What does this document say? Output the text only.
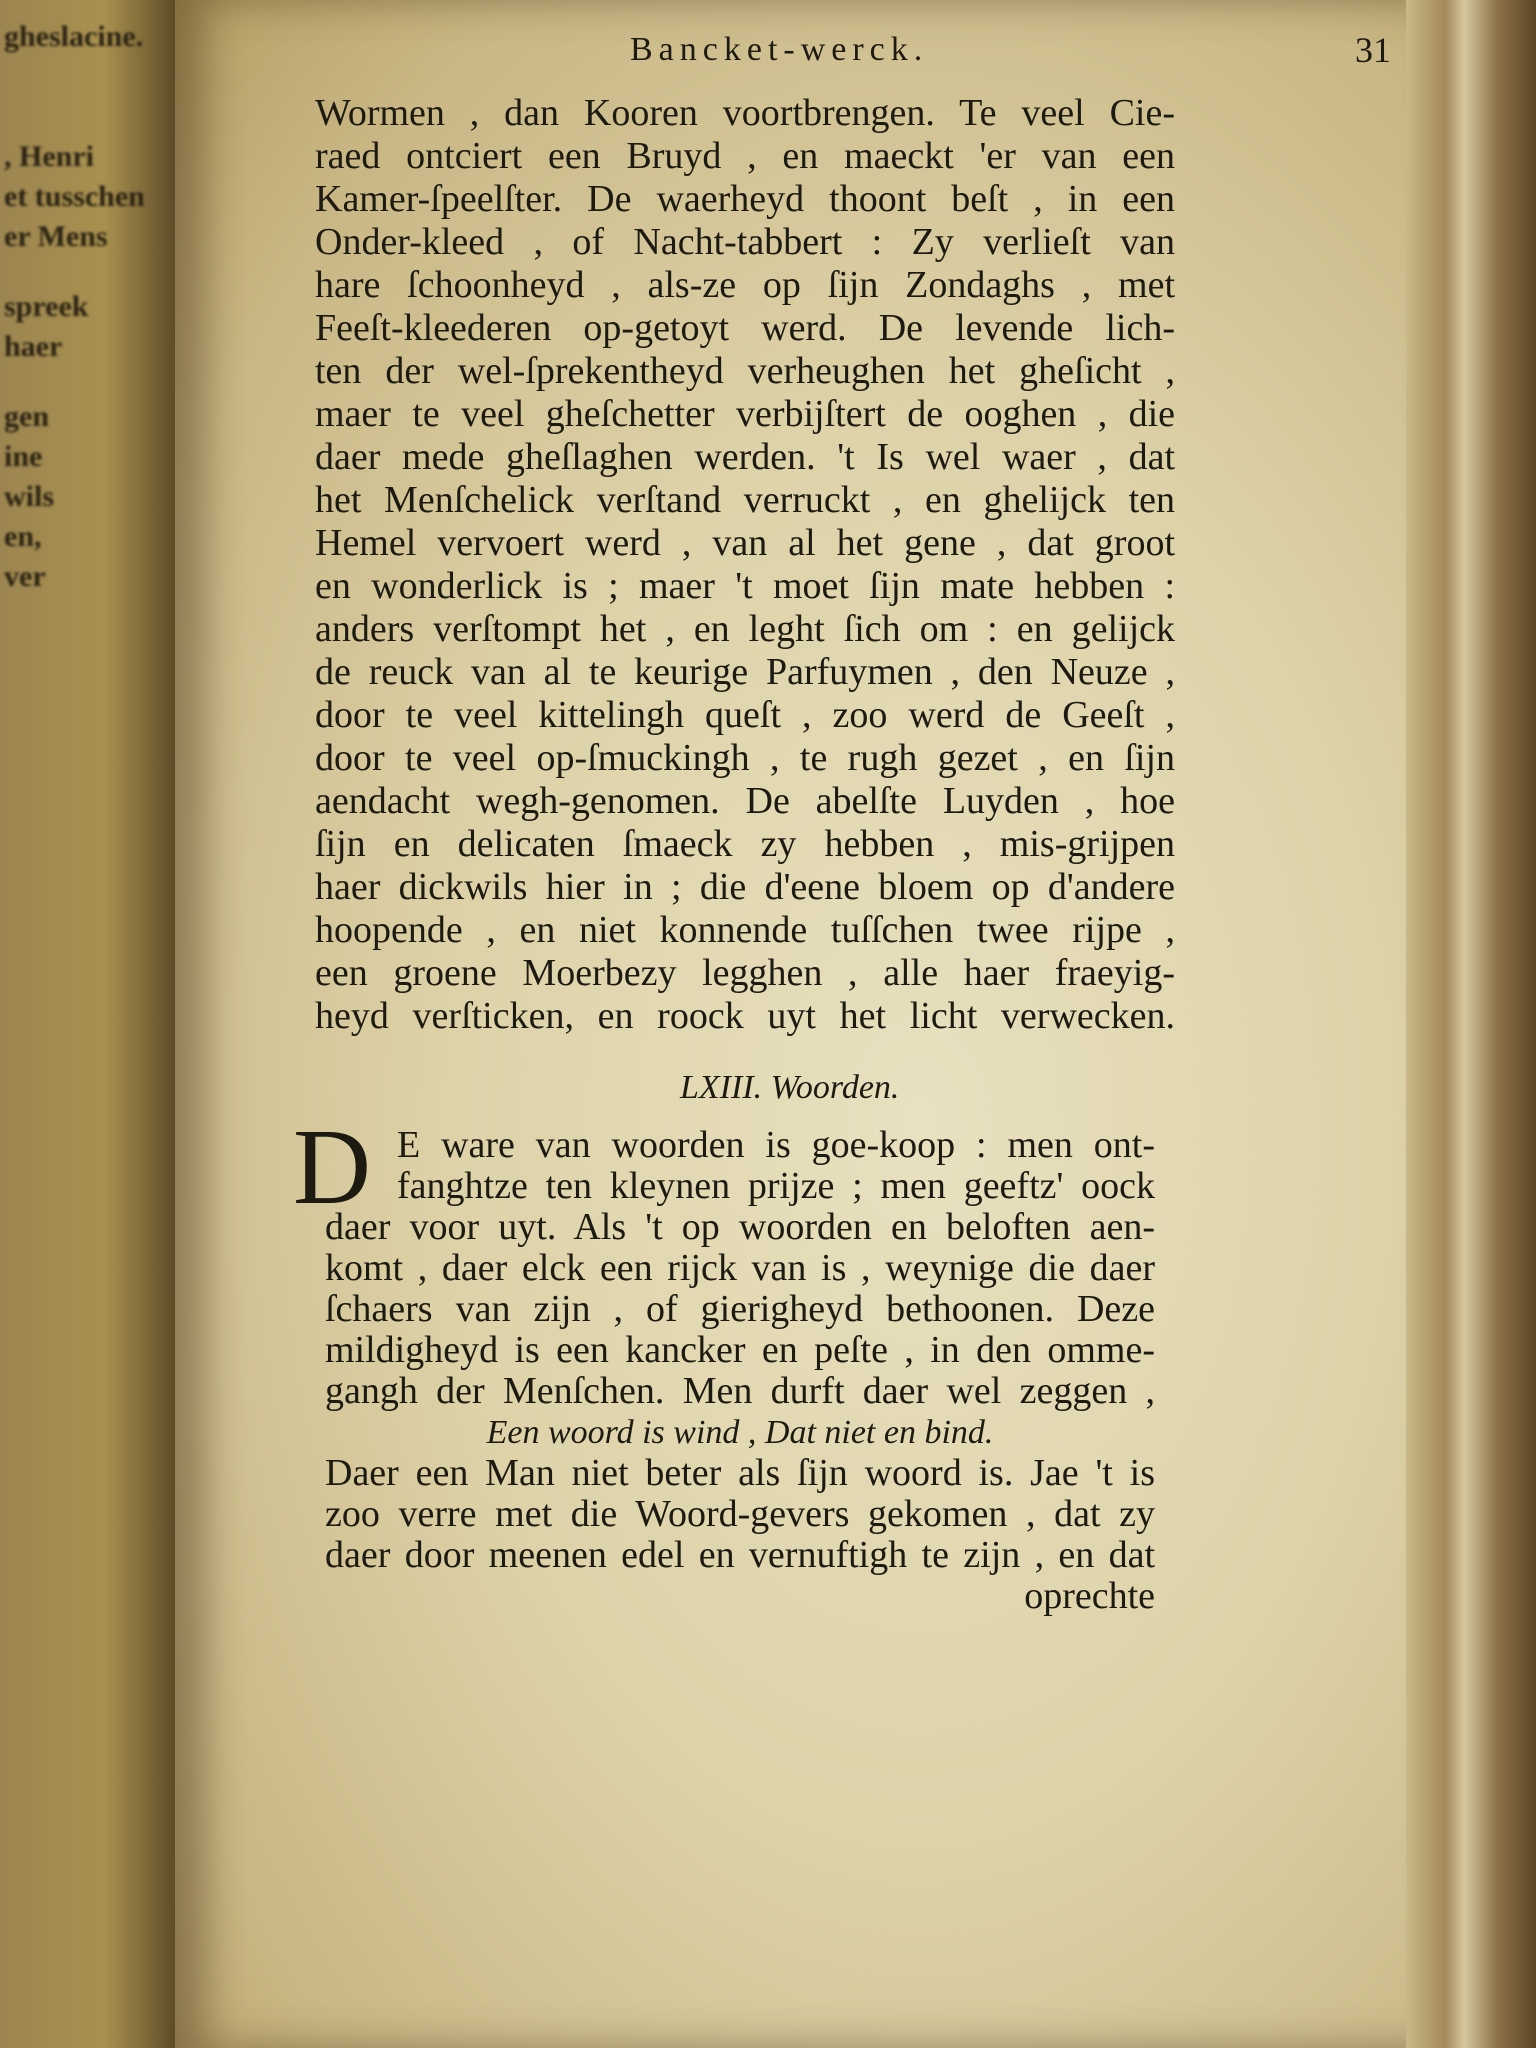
gheslacine.
, Henri
et tusschen
er Mens
spreek
haer
gen
ine
wils
en,
ver
Bancket-werck.	31
Wormen , dan Kooren voortbrengen. Te veel Cie-
raed ontciert een Bruyd , en maeckt 'er van een
Kamer-ſpeelſter. De waerheyd thoont beſt , in een
Onder-kleed , of Nacht-tabbert : Zy verlieſt van
hare ſchoonheyd , als-ze op ſijn Zondaghs , met
Feeſt-kleederen op-getoyt werd. De levende lich-
ten der wel-ſprekentheyd verheughen het gheſicht ,
maer te veel gheſchetter verbijſtert de ooghen , die
daer mede gheſlaghen werden. 't Is wel waer , dat
het Menſchelick verſtand verruckt , en ghelijck ten
Hemel vervoert werd , van al het gene , dat groot
en wonderlick is ; maer 't moet ſijn mate hebben :
anders verſtompt het , en leght ſich om : en gelijck
de reuck van al te keurige Parfuymen , den Neuze ,
door te veel kittelingh queſt , zoo werd de Geeſt ,
door te veel op-ſmuckingh , te rugh gezet , en ſijn
aendacht wegh-genomen. De abelſte Luyden , hoe
ſijn en delicaten ſmaeck zy hebben , mis-grijpen
haer dickwils hier in ; die d'eene bloem op d'andere
hoopende , en niet konnende tuſſchen twee rijpe ,
een groene Moerbezy legghen , alle haer fraeyig-
heyd verſticken, en roock uyt het licht verwecken.
LXIII. Woorden.
D E ware van woorden is goe-koop : men ont-
fanghtze ten kleynen prijze ; men geeftz' oock
daer voor uyt. Als 't op woorden en beloften aen-
komt , daer elck een rijck van is , weynige die daer
ſchaers van zijn , of gierigheyd bethoonen. Deze
mildigheyd is een kancker en peſte , in den omme-
gangh der Menſchen. Men durft daer wel zeggen ,
Een woord is wind , Dat niet en bind.
Daer een Man niet beter als ſijn woord is. Jae 't is
zoo verre met die Woord-gevers gekomen , dat zy
daer door meenen edel en vernuftigh te zijn , en dat
oprechte
